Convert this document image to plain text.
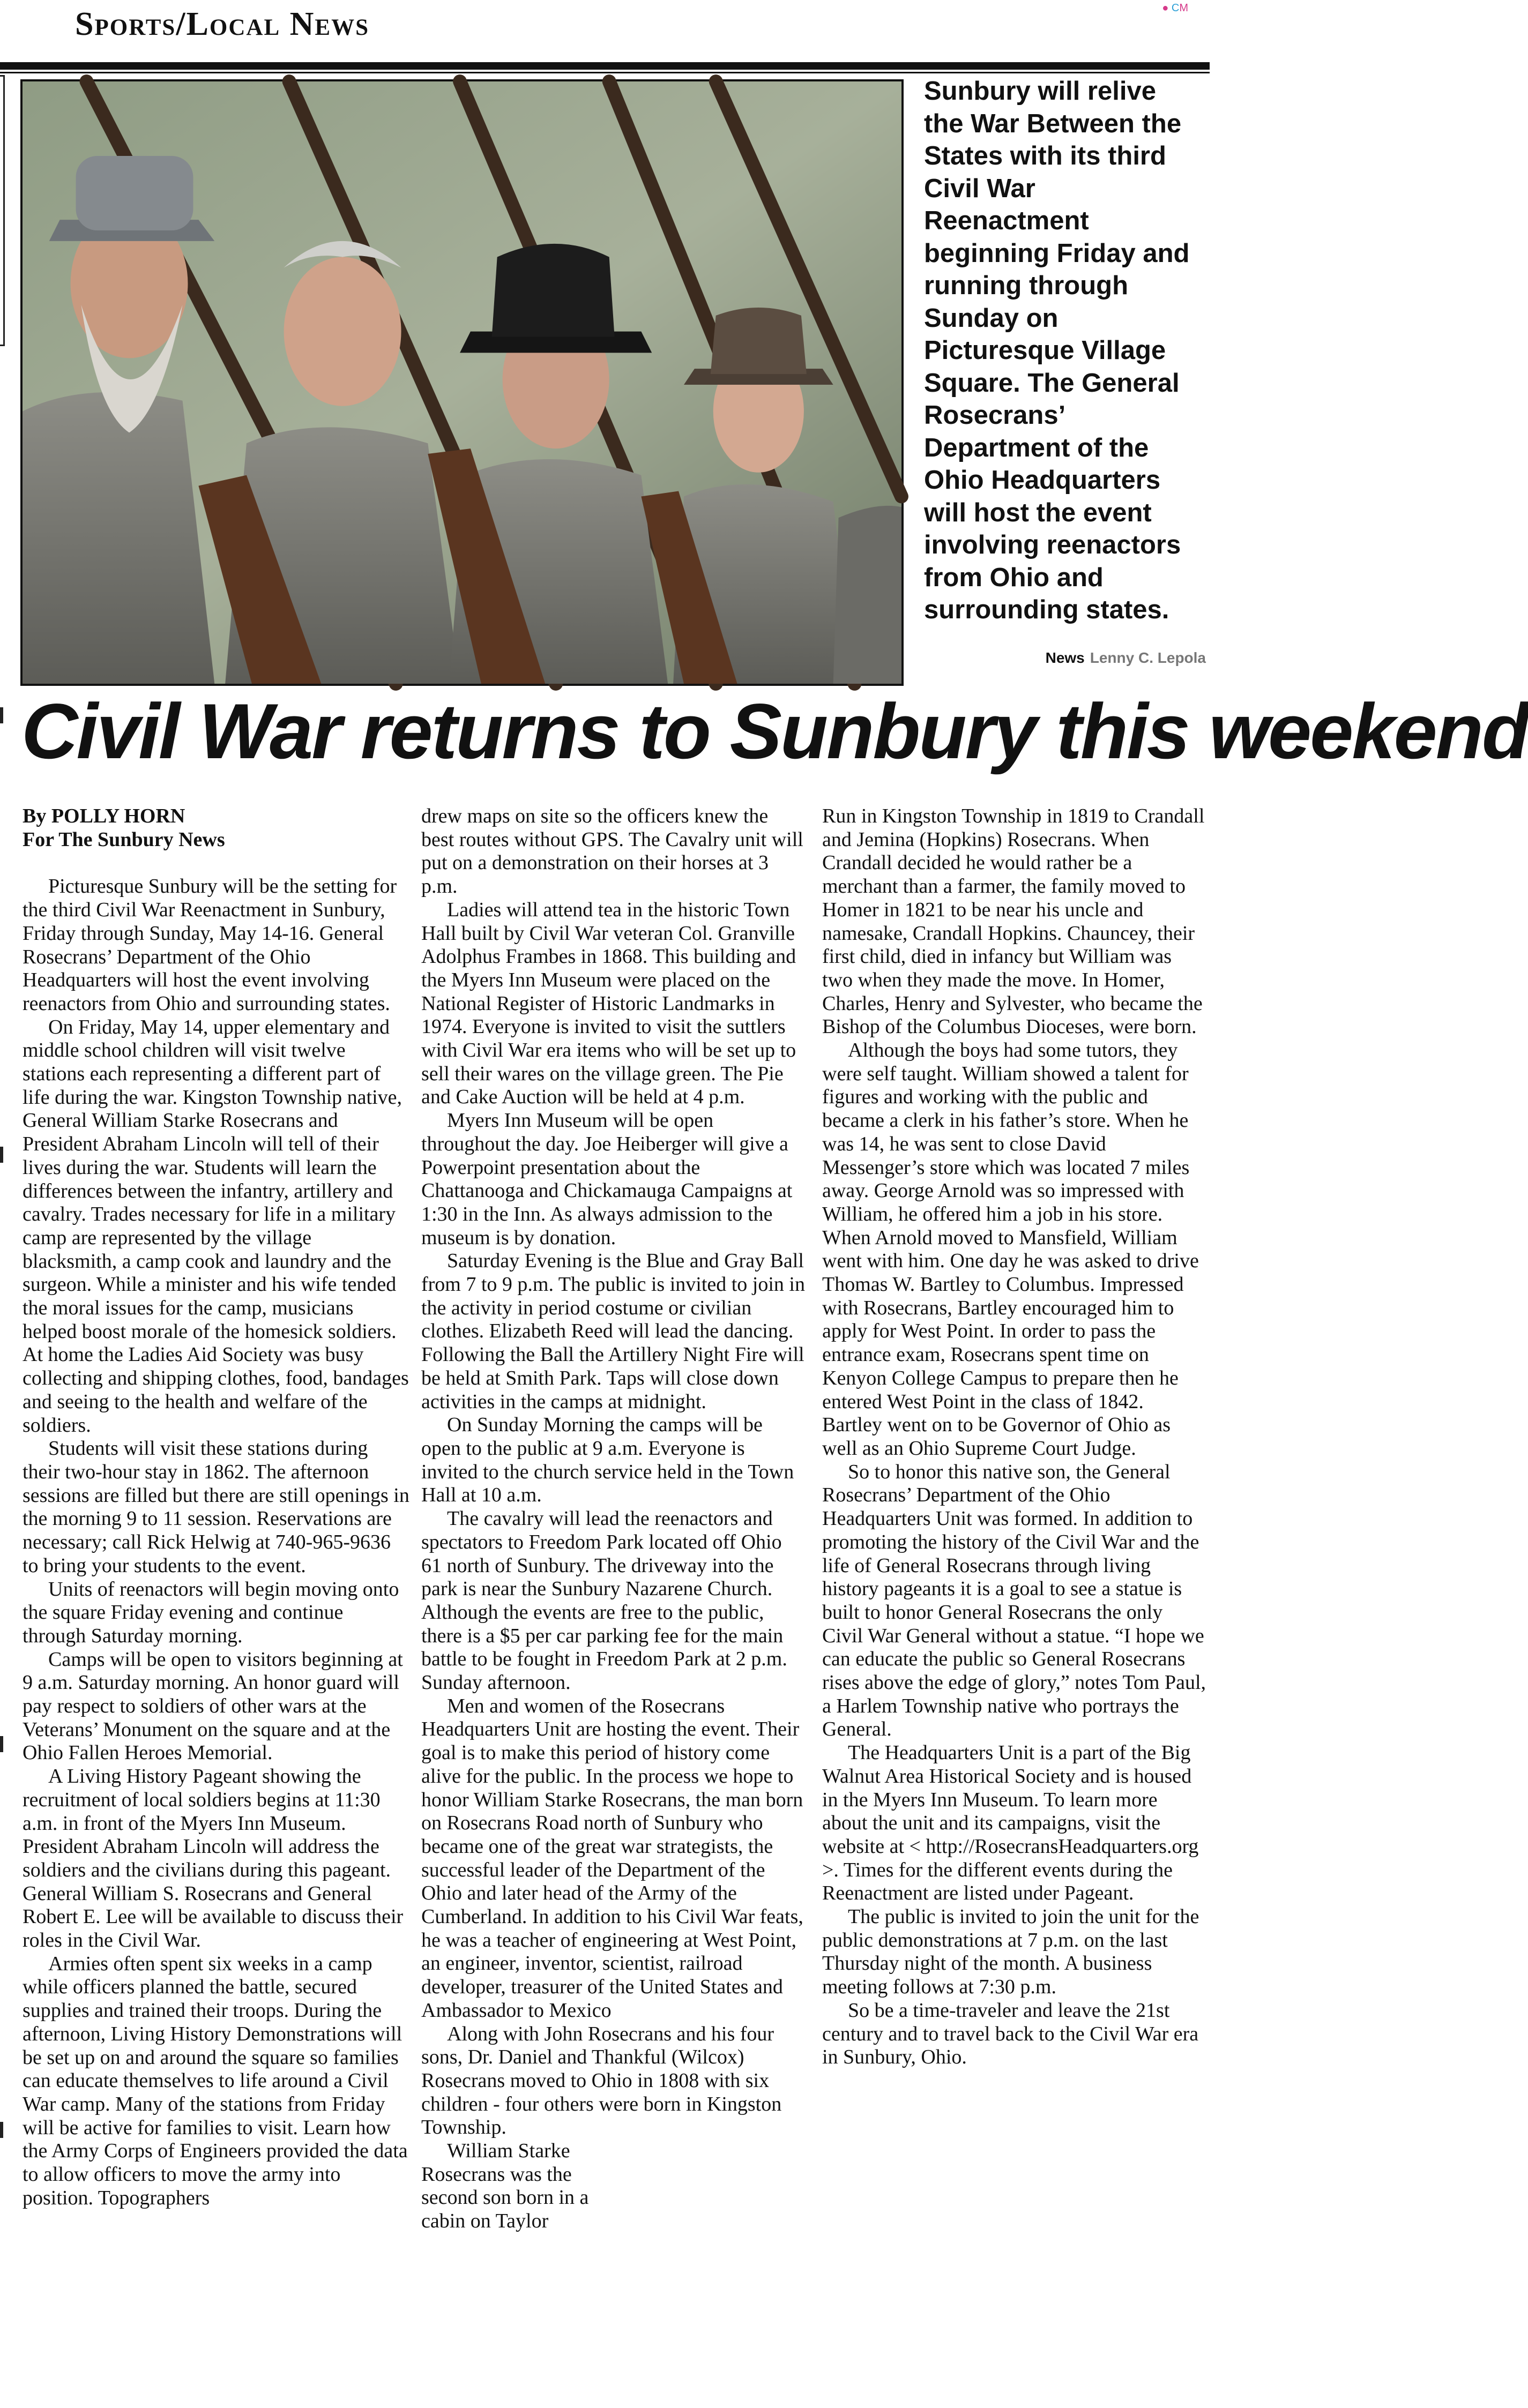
● CM
Sports/Local News

Sunbury will relive the War Between the States with its third Civil War Reenactment beginning Friday and running through Sunday on Picturesque Village Square. The General Rosecrans’ Department of the Ohio Headquarters will host the event involving reenactors from Ohio and surrounding states.

News Lenny C. Lepola
Civil War returns to Sunbury this weekend

By POLLY HORN

For The Sunbury News

Picturesque Sunbury will be the setting for the third Civil War Reenactment in Sunbury, Friday through Sunday, May 14-16. General Rosecrans’ Department of the Ohio Headquarters will host the event involving reenactors from Ohio and surrounding states.

On Friday, May 14, upper elementary and middle school children will visit twelve stations each representing a different part of life during the war. Kingston Township native, General William Starke Rosecrans and President Abraham Lincoln will tell of their lives during the war. Students will learn the differences between the infantry, artillery and cavalry. Trades necessary for life in a military camp are represented by the village blacksmith, a camp cook and laundry and the surgeon. While a minister and his wife tended the moral issues for the camp, musicians helped boost morale of the homesick soldiers. At home the Ladies Aid Society was busy collecting and shipping clothes, food, bandages and seeing to the health and welfare of the soldiers.

Students will visit these stations during their two-hour stay in 1862. The afternoon sessions are filled but there are still openings in the morning 9 to 11 session. Reservations are necessary; call Rick Helwig at 740-965-9636 to bring your students to the event.

Units of reenactors will begin moving onto the square Friday evening and continue through Saturday morning.

Camps will be open to visitors beginning at 9 a.m. Saturday morning. An honor guard will pay respect to soldiers of other wars at the Veterans’ Monument on the square and at the Ohio Fallen Heroes Memorial.

A Living History Pageant showing the recruitment of local soldiers begins at 11:30 a.m. in front of the Myers Inn Museum. President Abraham Lincoln will address the soldiers and the civilians during this pageant. General William S. Rosecrans and General Robert E. Lee will be available to discuss their roles in the Civil War.

Armies often spent six weeks in a camp while officers planned the battle, secured supplies and trained their troops. During the afternoon, Living History Demonstrations will be set up on and around the square so families can educate themselves to life around a Civil War camp. Many of the stations from Friday will be active for families to visit. Learn how the Army Corps of Engineers provided the data to allow officers to move the army into position. Topographers

drew maps on site so the officers knew the best routes without GPS. The Cavalry unit will put on a demonstration on their horses at 3 p.m.

Ladies will attend tea in the historic Town Hall built by Civil War veteran Col. Granville Adolphus Frambes in 1868. This building and the Myers Inn Museum were placed on the National Register of Historic Landmarks in 1974. Everyone is invited to visit the suttlers with Civil War era items who will be set up to sell their wares on the village green. The Pie and Cake Auction will be held at 4 p.m.

Myers Inn Museum will be open throughout the day. Joe Heiberger will give a Powerpoint presentation about the Chattanooga and Chickamauga Campaigns at 1:30 in the Inn. As always admission to the museum is by donation.

Saturday Evening is the Blue and Gray Ball from 7 to 9 p.m. The public is invited to join in the activity in period costume or civilian clothes. Elizabeth Reed will lead the dancing. Following the Ball the Artillery Night Fire will be held at Smith Park. Taps will close down activities in the camps at midnight.

On Sunday Morning the camps will be open to the public at 9 a.m. Everyone is invited to the church service held in the Town Hall at 10 a.m.

The cavalry will lead the reenactors and spectators to Freedom Park located off Ohio 61 north of Sunbury. The driveway into the park is near the Sunbury Nazarene Church. Although the events are free to the public, there is a $5 per car parking fee for the main battle to be fought in Freedom Park at 2 p.m. Sunday afternoon.

Men and women of the Rosecrans Headquarters Unit are hosting the event. Their goal is to make this period of history come alive for the public. In the process we hope to honor William Starke Rosecrans, the man born on Rosecrans Road north of Sunbury who became one of the great war strategists, the successful leader of the Department of the Ohio and later head of the Army of the Cumberland. In addition to his Civil War feats, he was a teacher of engineering at West Point, an engineer, inventor, scientist, railroad developer, treasurer of the United States and Ambassador to Mexico

Along with John Rosecrans and his four sons, Dr. Daniel and Thankful (Wilcox) Rosecrans moved to Ohio in 1808 with six children - four others were born in Kingston Township.

William Starke Rosecrans was the second son born in a cabin on Taylor

Run in Kingston Township in 1819 to Crandall and Jemina (Hopkins) Rosecrans. When Crandall decided he would rather be a merchant than a farmer, the family moved to Homer in 1821 to be near his uncle and namesake, Crandall Hopkins. Chauncey, their first child, died in infancy but William was two when they made the move. In Homer, Charles, Henry and Sylvester, who became the Bishop of the Columbus Dioceses, were born.

Although the boys had some tutors, they were self taught. William showed a talent for figures and working with the public and became a clerk in his father’s store. When he was 14, he was sent to close David Messenger’s store which was located 7 miles away. George Arnold was so impressed with William, he offered him a job in his store. When Arnold moved to Mansfield, William went with him. One day he was asked to drive Thomas W. Bartley to Columbus. Impressed with Rosecrans, Bartley encouraged him to apply for West Point. In order to pass the entrance exam, Rosecrans spent time on Kenyon College Campus to prepare then he entered West Point in the class of 1842. Bartley went on to be Governor of Ohio as well as an Ohio Supreme Court Judge.

So to honor this native son, the General Rosecrans’ Department of the Ohio Headquarters Unit was formed. In addition to promoting the history of the Civil War and the life of General Rosecrans through living history pageants it is a goal to see a statue is built to honor General Rosecrans the only Civil War General without a statue. “I hope we can educate the public so General Rosecrans rises above the edge of glory,” notes Tom Paul, a Harlem Township native who portrays the General.

The Headquarters Unit is a part of the Big Walnut Area Historical Society and is housed in the Myers Inn Museum. To learn more about the unit and its campaigns, visit the website at < http://RosecransHeadquarters.org >. Times for the different events during the Reenactment are listed under Pageant.

The public is invited to join the unit for the public demonstrations at 7 p.m. on the last Thursday night of the month. A business meeting follows at 7:30 p.m.

So be a time-traveler and leave the 21st century and to travel back to the Civil War era in Sunbury, Ohio.
